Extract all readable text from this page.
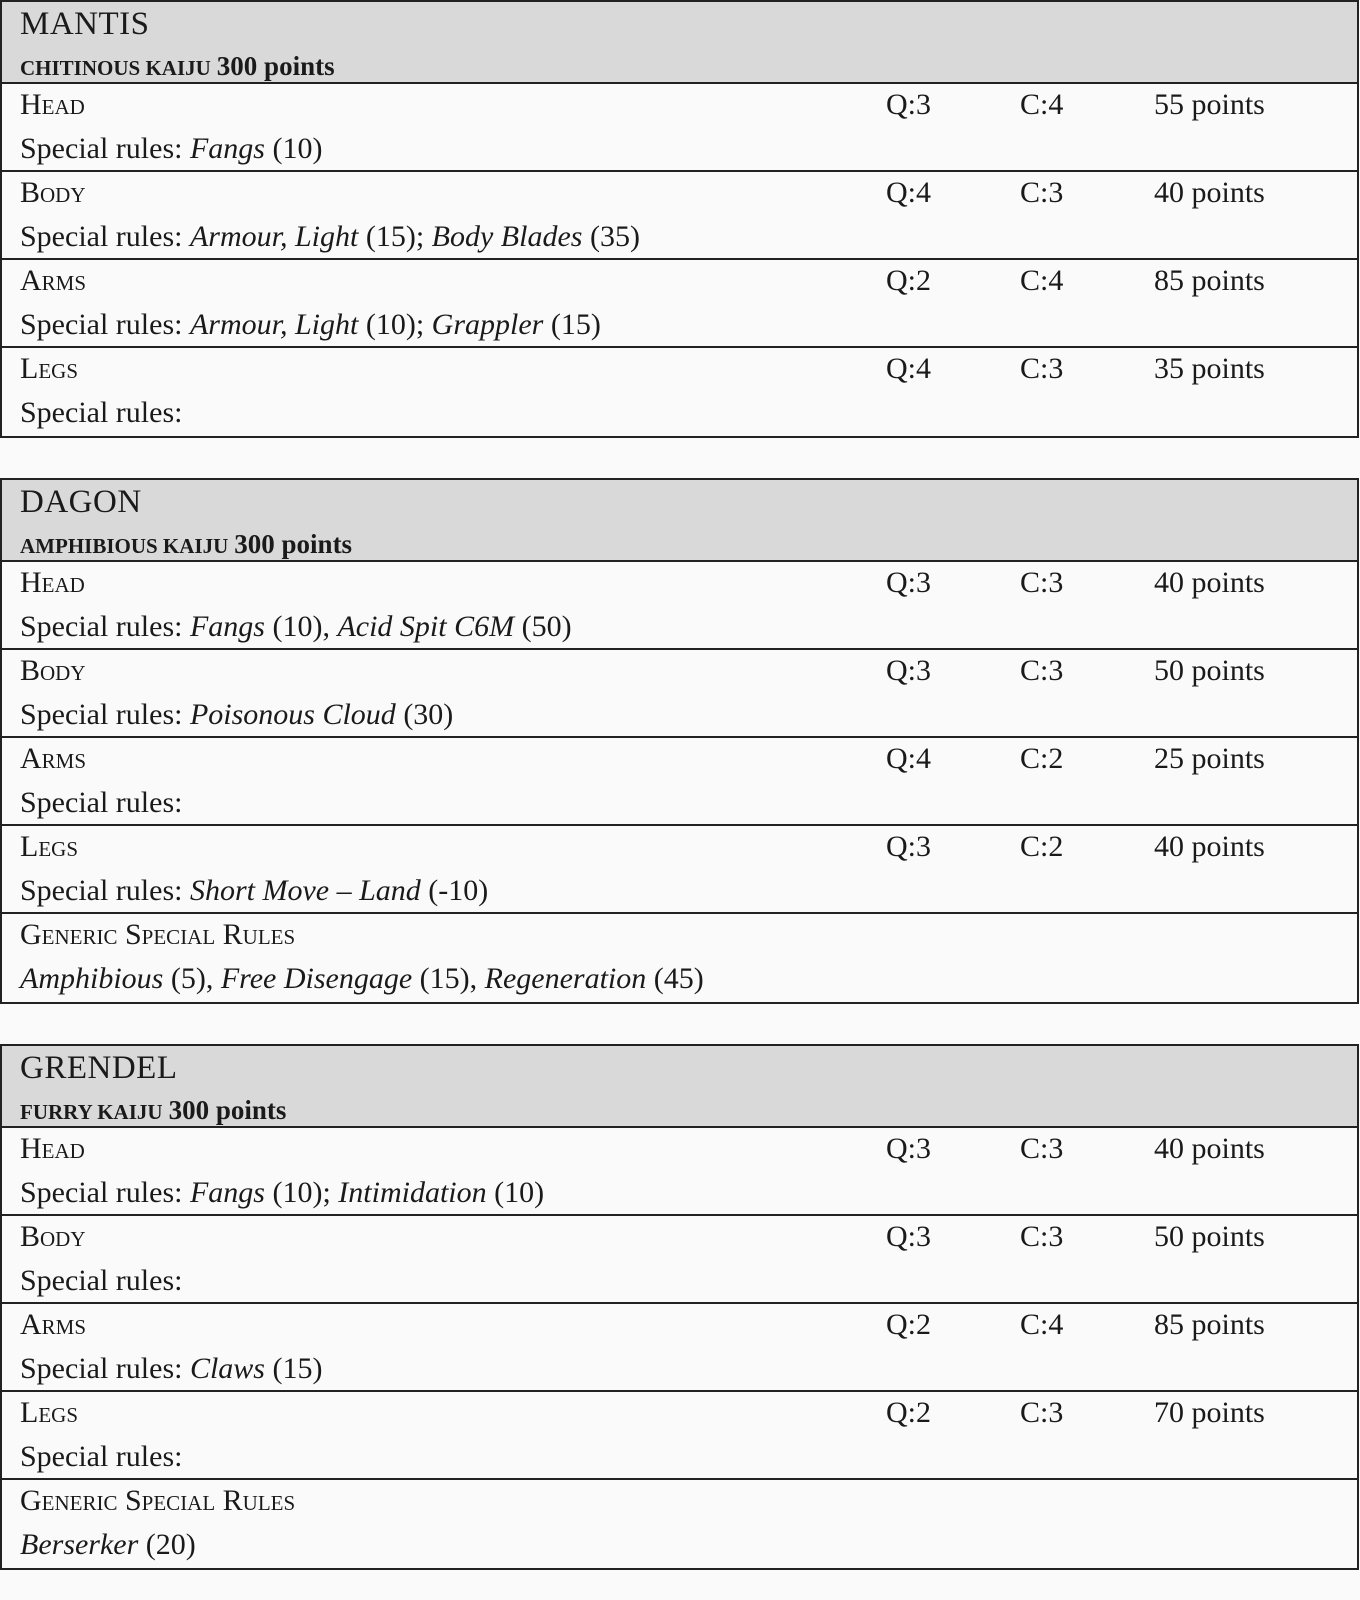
MANTIS
CHITINOUS KAIJU 300 points
Head	Q:3	C:4	55 points
Special rules: Fangs (10)
Body	Q:4	C:3	40 points
Special rules: Armour, Light (15); Body Blades (35)
Arms	Q:2	C:4	85 points
Special rules: Armour, Light (10); Grappler (15)
Legs	Q:4	C:3	35 points
Special rules:
DAGON
AMPHIBIOUS KAIJU 300 points
Head	Q:3	C:3	40 points
Special rules: Fangs (10), Acid Spit C6M (50)
Body	Q:3	C:3	50 points
Special rules: Poisonous Cloud (30)
Arms	Q:4	C:2	25 points
Special rules:
Legs	Q:3	C:2	40 points
Special rules: Short Move – Land (-10)
Generic Special Rules
Amphibious (5), Free Disengage (15), Regeneration (45)
GRENDEL
FURRY KAIJU 300 points
Head	Q:3	C:3	40 points
Special rules: Fangs (10); Intimidation (10)
Body	Q:3	C:3	50 points
Special rules:
Arms	Q:2	C:4	85 points
Special rules: Claws (15)
Legs	Q:2	C:3	70 points
Special rules:
Generic Special Rules
Berserker (20)
